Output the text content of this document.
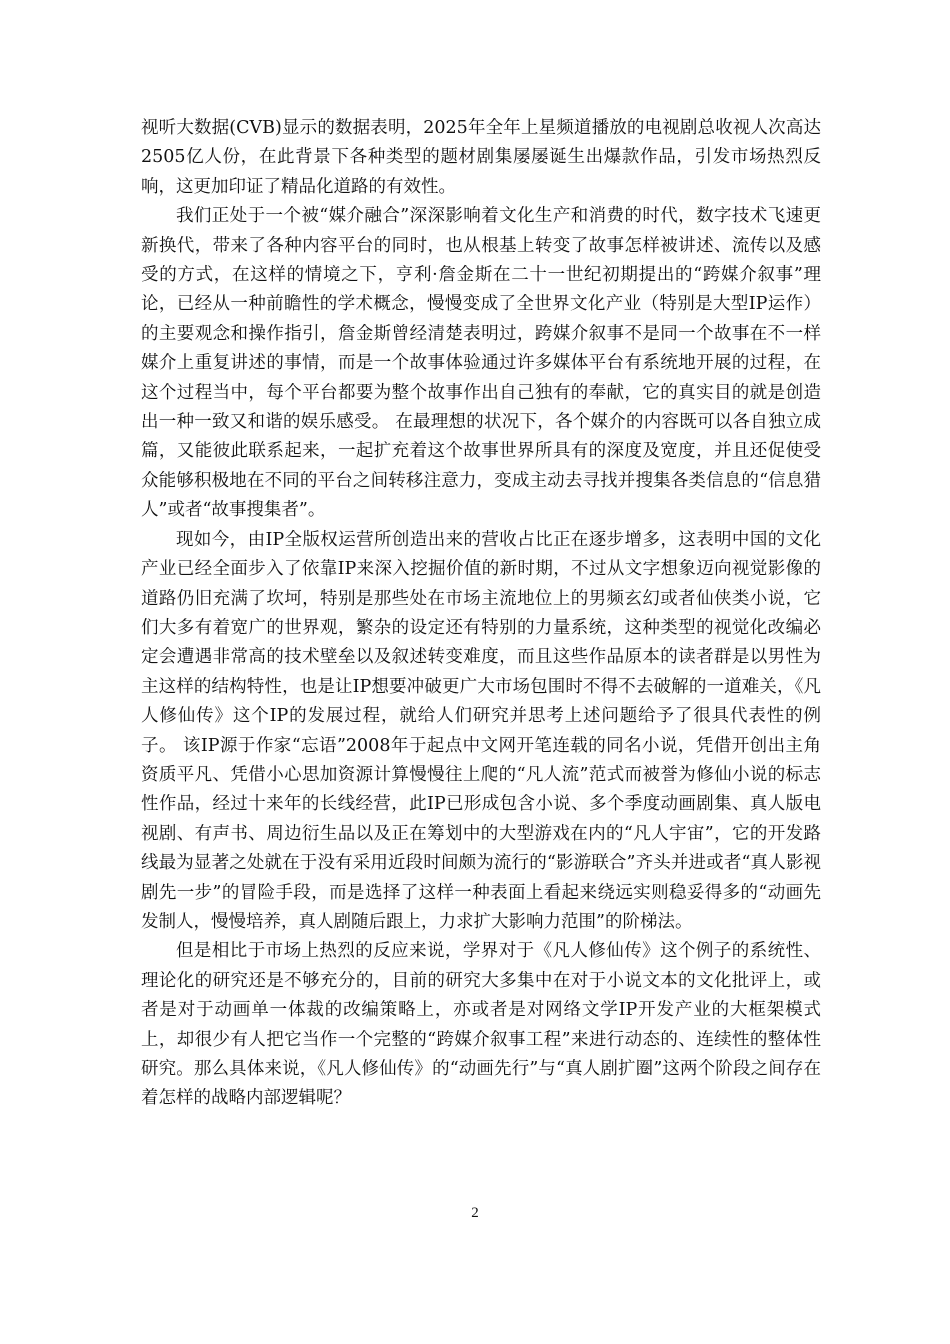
视听大数据(CVB)显示的数据表明，2025年全年上星频道播放的电视剧总收视人次高达2505亿人份，在此背景下各种类型的题材剧集屡屡诞生出爆款作品，引发市场热烈反响，这更加印证了精品化道路的有效性。

我们正处于一个被“媒介融合”深深影响着文化生产和消费的时代，数字技术飞速更新换代，带来了各种内容平台的同时，也从根基上转变了故事怎样被讲述、流传以及感受的方式，在这样的情境之下，亨利·詹金斯在二十一世纪初期提出的“跨媒介叙事”理论，已经从一种前瞻性的学术概念，慢慢变成了全世界文化产业（特别是大型IP运作）的主要观念和操作指引，詹金斯曾经清楚表明过，跨媒介叙事不是同一个故事在不一样媒介上重复讲述的事情，而是一个故事体验通过许多媒体平台有系统地开展的过程，在这个过程当中，每个平台都要为整个故事作出自己独有的奉献，它的真实目的就是创造出一种一致又和谐的娱乐感受。 在最理想的状况下，各个媒介的内容既可以各自独立成篇，又能彼此联系起来，一起扩充着这个故事世界所具有的深度及宽度，并且还促使受众能够积极地在不同的平台之间转移注意力，变成主动去寻找并搜集各类信息的“信息猎人”或者“故事搜集者”。

现如今，由IP全版权运营所创造出来的营收占比正在逐步增多，这表明中国的文化产业已经全面步入了依靠IP来深入挖掘价值的新时期，不过从文字想象迈向视觉影像的道路仍旧充满了坎坷，特别是那些处在市场主流地位上的男频玄幻或者仙侠类小说，它们大多有着宽广的世界观，繁杂的设定还有特别的力量系统，这种类型的视觉化改编必定会遭遇非常高的技术壁垒以及叙述转变难度，而且这些作品原本的读者群是以男性为主这样的结构特性，也是让IP想要冲破更广大市场包围时不得不去破解的一道难关，《凡人修仙传》这个IP的发展过程，就给人们研究并思考上述问题给予了很具代表性的例子。 该IP源于作家“忘语”2008年于起点中文网开笔连载的同名小说，凭借开创出主角资质平凡、凭借小心思加资源计算慢慢往上爬的“凡人流”范式而被誉为修仙小说的标志性作品，经过十来年的长线经营，此IP已形成包含小说、多个季度动画剧集、真人版电视剧、有声书、周边衍生品以及正在筹划中的大型游戏在内的“凡人宇宙”，它的开发路线最为显著之处就在于没有采用近段时间颇为流行的“影游联合”齐头并进或者“真人影视剧先一步”的冒险手段，而是选择了这样一种表面上看起来绕远实则稳妥得多的“动画先发制人，慢慢培养，真人剧随后跟上，力求扩大影响力范围”的阶梯法。

但是相比于市场上热烈的反应来说，学界对于《凡人修仙传》这个例子的系统性、理论化的研究还是不够充分的，目前的研究大多集中在对于小说文本的文化批评上，或者是对于动画单一体裁的改编策略上，亦或者是对网络文学IP开发产业的大框架模式上，却很少有人把它当作一个完整的“跨媒介叙事工程”来进行动态的、连续性的整体性研究。那么具体来说，《凡人修仙传》的“动画先行”与“真人剧扩圈”这两个阶段之间存在着怎样的战略内部逻辑呢？

2
